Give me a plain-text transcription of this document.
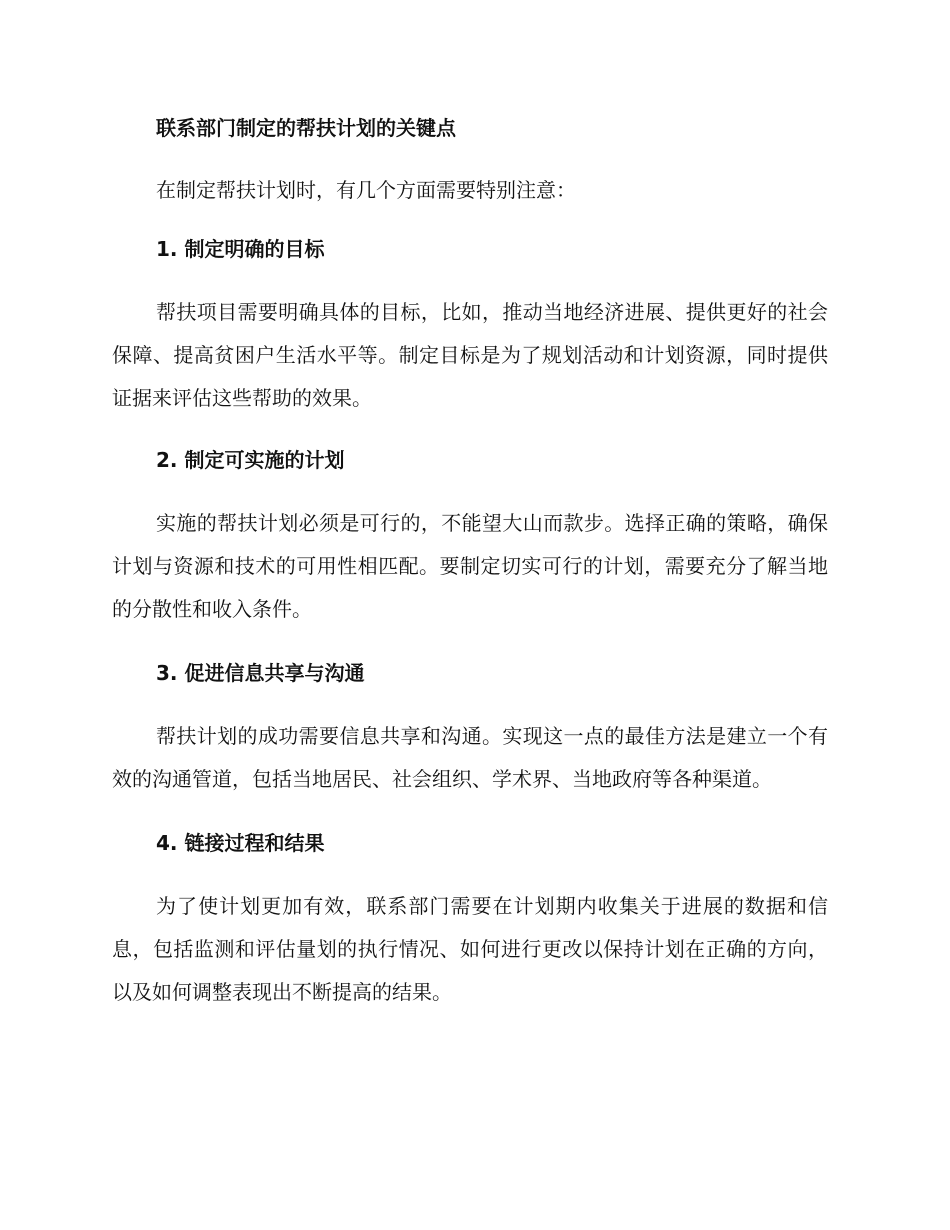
联系部门制定的帮扶计划的关键点

在制定帮扶计划时，有几个方面需要特别注意：

1. 制定明确的目标

帮扶项目需要明确具体的目标，比如，推动当地经济进展、提供更好的社会保障、提高贫困户生活水平等。制定目标是为了规划活动和计划资源，同时提供证据来评估这些帮助的效果。

2. 制定可实施的计划

实施的帮扶计划必须是可行的，不能望大山而款步。选择正确的策略，确保计划与资源和技术的可用性相匹配。要制定切实可行的计划，需要充分了解当地的分散性和收入条件。

3. 促进信息共享与沟通

帮扶计划的成功需要信息共享和沟通。实现这一点的最佳方法是建立一个有效的沟通管道，包括当地居民、社会组织、学术界、当地政府等各种渠道。

4. 链接过程和结果

为了使计划更加有效，联系部门需要在计划期内收集关于进展的数据和信息，包括监测和评估量划的执行情况、如何进行更改以保持计划在正确的方向，以及如何调整表现出不断提高的结果。
